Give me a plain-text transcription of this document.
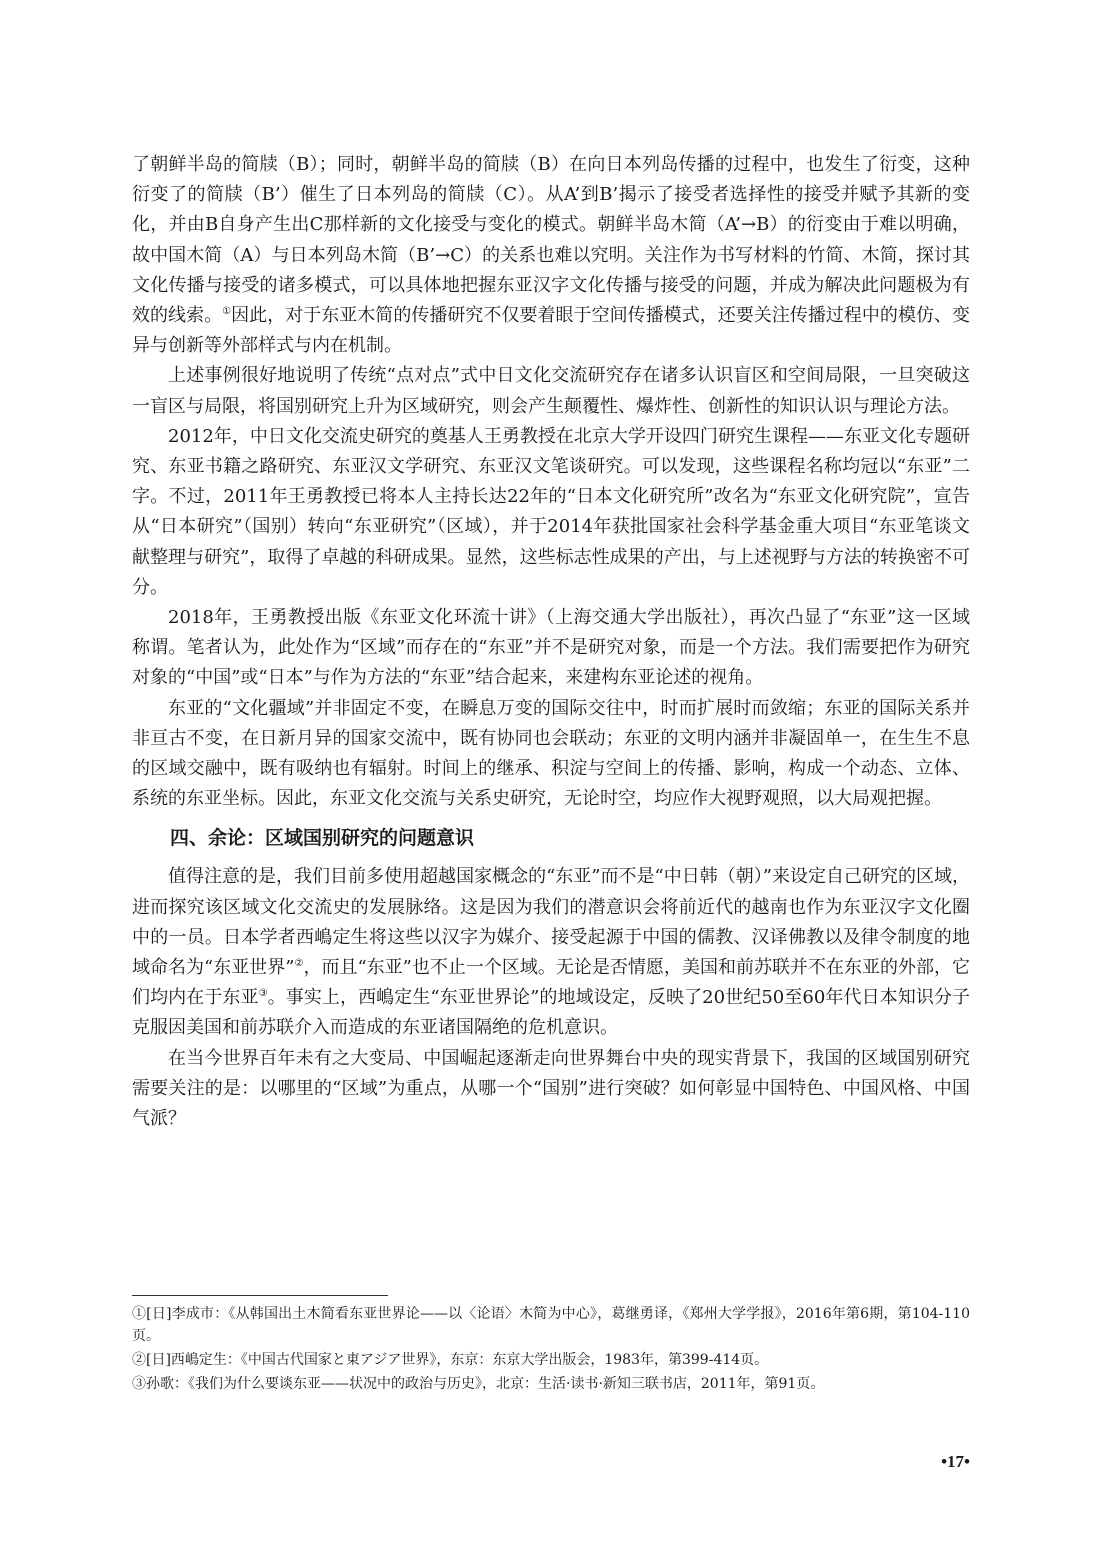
了朝鲜半岛的简牍（B）；同时，朝鲜半岛的简牍（B）在向日本列岛传播的过程中，也发生了衍变，这种衍变了的简牍（B’）催生了日本列岛的简牍（C）。从A’到B’揭示了接受者选择性的接受并赋予其新的变化，并由B自身产生出C那样新的文化接受与变化的模式。朝鲜半岛木简（A’→B）的衍变由于难以明确，故中国木简（A）与日本列岛木简（B’→C）的关系也难以究明。关注作为书写材料的竹简、木简，探讨其文化传播与接受的诸多模式，可以具体地把握东亚汉字文化传播与接受的问题，并成为解决此问题极为有效的线索。①因此，对于东亚木简的传播研究不仅要着眼于空间传播模式，还要关注传播过程中的模仿、变异与创新等外部样式与内在机制。

上述事例很好地说明了传统“点对点”式中日文化交流研究存在诸多认识盲区和空间局限，一旦突破这一盲区与局限，将国别研究上升为区域研究，则会产生颠覆性、爆炸性、创新性的知识认识与理论方法。

2012年，中日文化交流史研究的奠基人王勇教授在北京大学开设四门研究生课程——东亚文化专题研究、东亚书籍之路研究、东亚汉文学研究、东亚汉文笔谈研究。可以发现，这些课程名称均冠以“东亚”二字。不过，2011年王勇教授已将本人主持长达22年的“日本文化研究所”改名为“东亚文化研究院”，宣告从“日本研究”（国别）转向“东亚研究”（区域），并于2014年获批国家社会科学基金重大项目“东亚笔谈文献整理与研究”，取得了卓越的科研成果。显然，这些标志性成果的产出，与上述视野与方法的转换密不可分。

2018年，王勇教授出版《东亚文化环流十讲》（上海交通大学出版社），再次凸显了“东亚”这一区域称谓。笔者认为，此处作为“区域”而存在的“东亚”并不是研究对象，而是一个方法。我们需要把作为研究对象的“中国”或“日本”与作为方法的“东亚”结合起来，来建构东亚论述的视角。

东亚的“文化疆域”并非固定不变，在瞬息万变的国际交往中，时而扩展时而敛缩；东亚的国际关系并非亘古不变，在日新月异的国家交流中，既有协同也会联动；东亚的文明内涵并非凝固单一，在生生不息的区域交融中，既有吸纳也有辐射。时间上的继承、积淀与空间上的传播、影响，构成一个动态、立体、系统的东亚坐标。因此，东亚文化交流与关系史研究，无论时空，均应作大视野观照，以大局观把握。

四、余论：区域国别研究的问题意识

值得注意的是，我们目前多使用超越国家概念的“东亚”而不是“中日韩（朝）”来设定自己研究的区域，进而探究该区域文化交流史的发展脉络。这是因为我们的潜意识会将前近代的越南也作为东亚汉字文化圈中的一员。日本学者西嶋定生将这些以汉字为媒介、接受起源于中国的儒教、汉译佛教以及律令制度的地域命名为“东亚世界”②，而且“东亚”也不止一个区域。无论是否情愿，美国和前苏联并不在东亚的外部，它们均内在于东亚③。事实上，西嶋定生“东亚世界论”的地域设定，反映了20世纪50至60年代日本知识分子克服因美国和前苏联介入而造成的东亚诸国隔绝的危机意识。

在当今世界百年未有之大变局、中国崛起逐渐走向世界舞台中央的现实背景下，我国的区域国别研究需要关注的是：以哪里的“区域”为重点，从哪一个“国别”进行突破？如何彰显中国特色、中国风格、中国气派？

①[日]李成市：《从韩国出土木简看东亚世界论——以〈论语〉木简为中心》，葛继勇译，《郑州大学学报》，2016年第6期，第104-110页。

②[日]西嶋定生：《中国古代国家と東アジア世界》，东京：东京大学出版会，1983年，第399-414页。

③孙歌：《我们为什么要谈东亚——状况中的政治与历史》，北京：生活·读书·新知三联书店，2011年，第91页。

•17•
